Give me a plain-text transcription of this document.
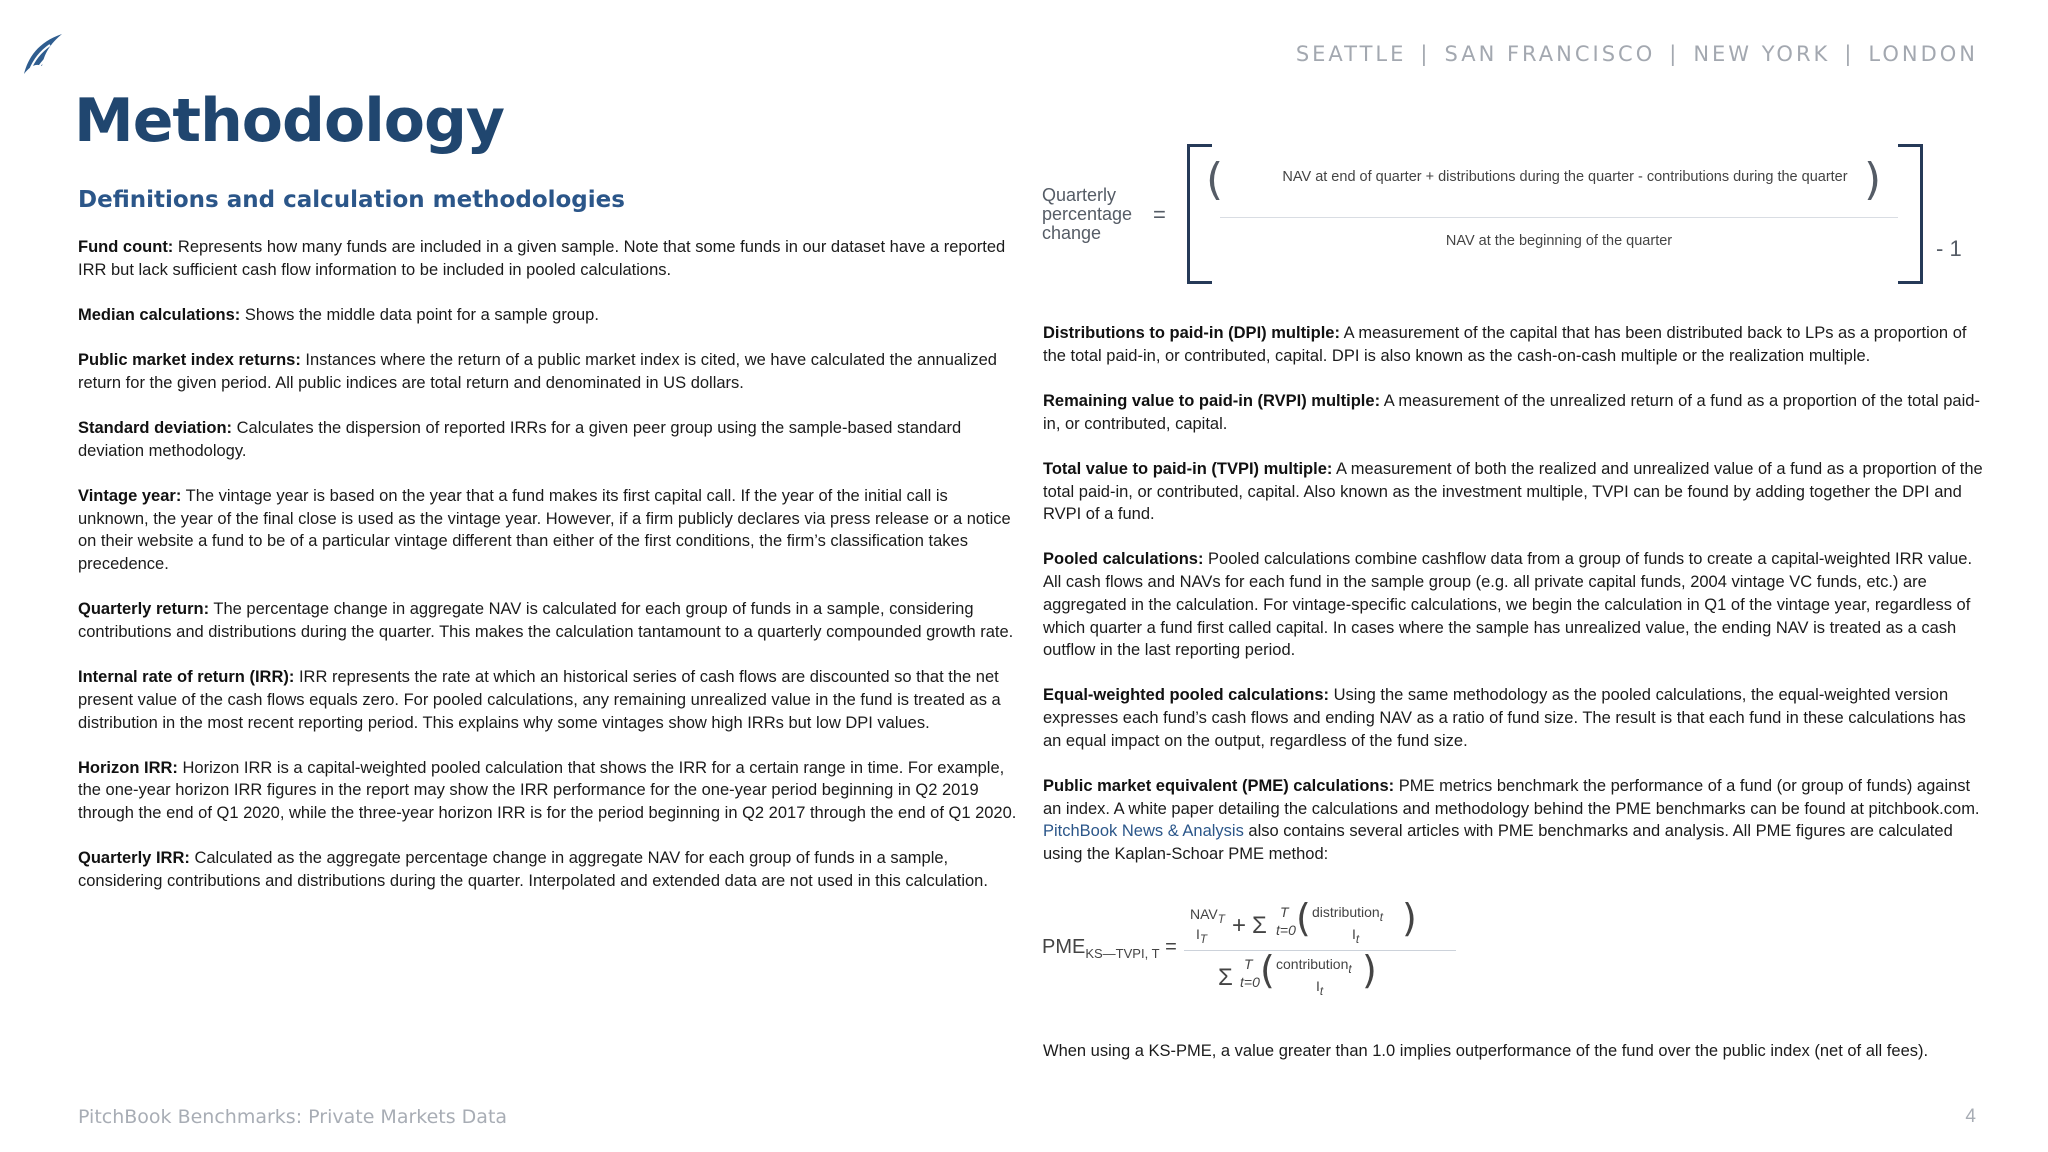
SEATTLE | SAN FRANCISCO | NEW YORK | LONDON
Methodology
Definitions and calculation methodologies

Fund count: Represents how many funds are included in a given sample. Note that some funds in our dataset have a reported IRR but lack sufficient cash flow information to be included in pooled calculations.

Median calculations: Shows the middle data point for a sample group.

Public market index returns: Instances where the return of a public market index is cited, we have calculated the annualized return for the given period. All public indices are total return and denominated in US dollars.

Standard deviation: Calculates the dispersion of reported IRRs for a given peer group using the sample-based standard deviation methodology.

Vintage year: The vintage year is based on the year that a fund makes its first capital call. If the year of the initial call is unknown, the year of the final close is used as the vintage year. However, if a firm publicly declares via press release or a notice on their website a fund to be of a particular vintage different than either of the first conditions, the firm’s classification takes precedence.

Quarterly return: The percentage change in aggregate NAV is calculated for each group of funds in a sample, considering contributions and distributions during the quarter. This makes the calculation tantamount to a quarterly compounded growth rate.

Internal rate of return (IRR): IRR represents the rate at which an historical series of cash flows are discounted so that the net present value of the cash flows equals zero. For pooled calculations, any remaining unrealized value in the fund is treated as a distribution in the most recent reporting period. This explains why some vintages show high IRRs but low DPI values.

Horizon IRR: Horizon IRR is a capital-weighted pooled calculation that shows the IRR for a certain range in time. For example, the one-year horizon IRR figures in the report may show the IRR performance for the one-year period beginning in Q2 2019 through the end of Q1 2020, while the three-year horizon IRR is for the period beginning in Q2 2017 through the end of Q1 2020.

Quarterly IRR: Calculated as the aggregate percentage change in aggregate NAV for each group of funds in a sample, considering contributions and distributions during the quarter. Interpolated and extended data are not used in this calculation.

Quarterly percentage change
=
(	NAV at end of quarter + distributions during the quarter - contributions during the quarter )
NAV at the beginning of the quarter	- 1

Distributions to paid-in (DPI) multiple: A measurement of the capital that has been distributed back to LPs as a proportion of the total paid-in, or contributed, capital. DPI is also known as the cash-on-cash multiple or the realization multiple.

Remaining value to paid-in (RVPI) multiple: A measurement of the unrealized return of a fund as a proportion of the total paid-in, or contributed, capital.

Total value to paid-in (TVPI) multiple: A measurement of both the realized and unrealized value of a fund as a proportion of the total paid-in, or contributed, capital. Also known as the investment multiple, TVPI can be found by adding together the DPI and RVPI of a fund.

Pooled calculations: Pooled calculations combine cashflow data from a group of funds to create a capital-weighted IRR value. All cash flows and NAVs for each fund in the sample group (e.g. all private capital funds, 2004 vintage VC funds, etc.) are aggregated in the calculation. For vintage-specific calculations, we begin the calculation in Q1 of the vintage year, regardless of which quarter a fund first called capital. In cases where the sample has unrealized value, the ending NAV is treated as a cash outflow in the last reporting period.

Equal-weighted pooled calculations: Using the same methodology as the pooled calculations, the equal-weighted version expresses each fund’s cash flows and ending NAV as a ratio of fund size. The result is that each fund in these calculations has an equal impact on the output, regardless of the fund size.

Public market equivalent (PME) calculations: PME metrics benchmark the performance of a fund (or group of funds) against an index. A white paper detailing the calculations and methodology behind the PME benchmarks can be found at pitchbook.com. PitchBook News & Analysis also contains several articles with PME benchmarks and analysis. All PME figures are calculated using the Kaplan-Schoar PME method:

$PME_{KS—TVPI, T}$ =
$NAV_T$
$I_T$
+ Σ T
t=0 ( distribution$_t$
$I_t$ )
Σ T
t=0 ( contribution$_t$
$I_t$ )
When using a KS-PME, a value greater than 1.0 implies outperformance of the fund over the public index (net of all fees).
PitchBook Benchmarks: Private Markets Data	4
